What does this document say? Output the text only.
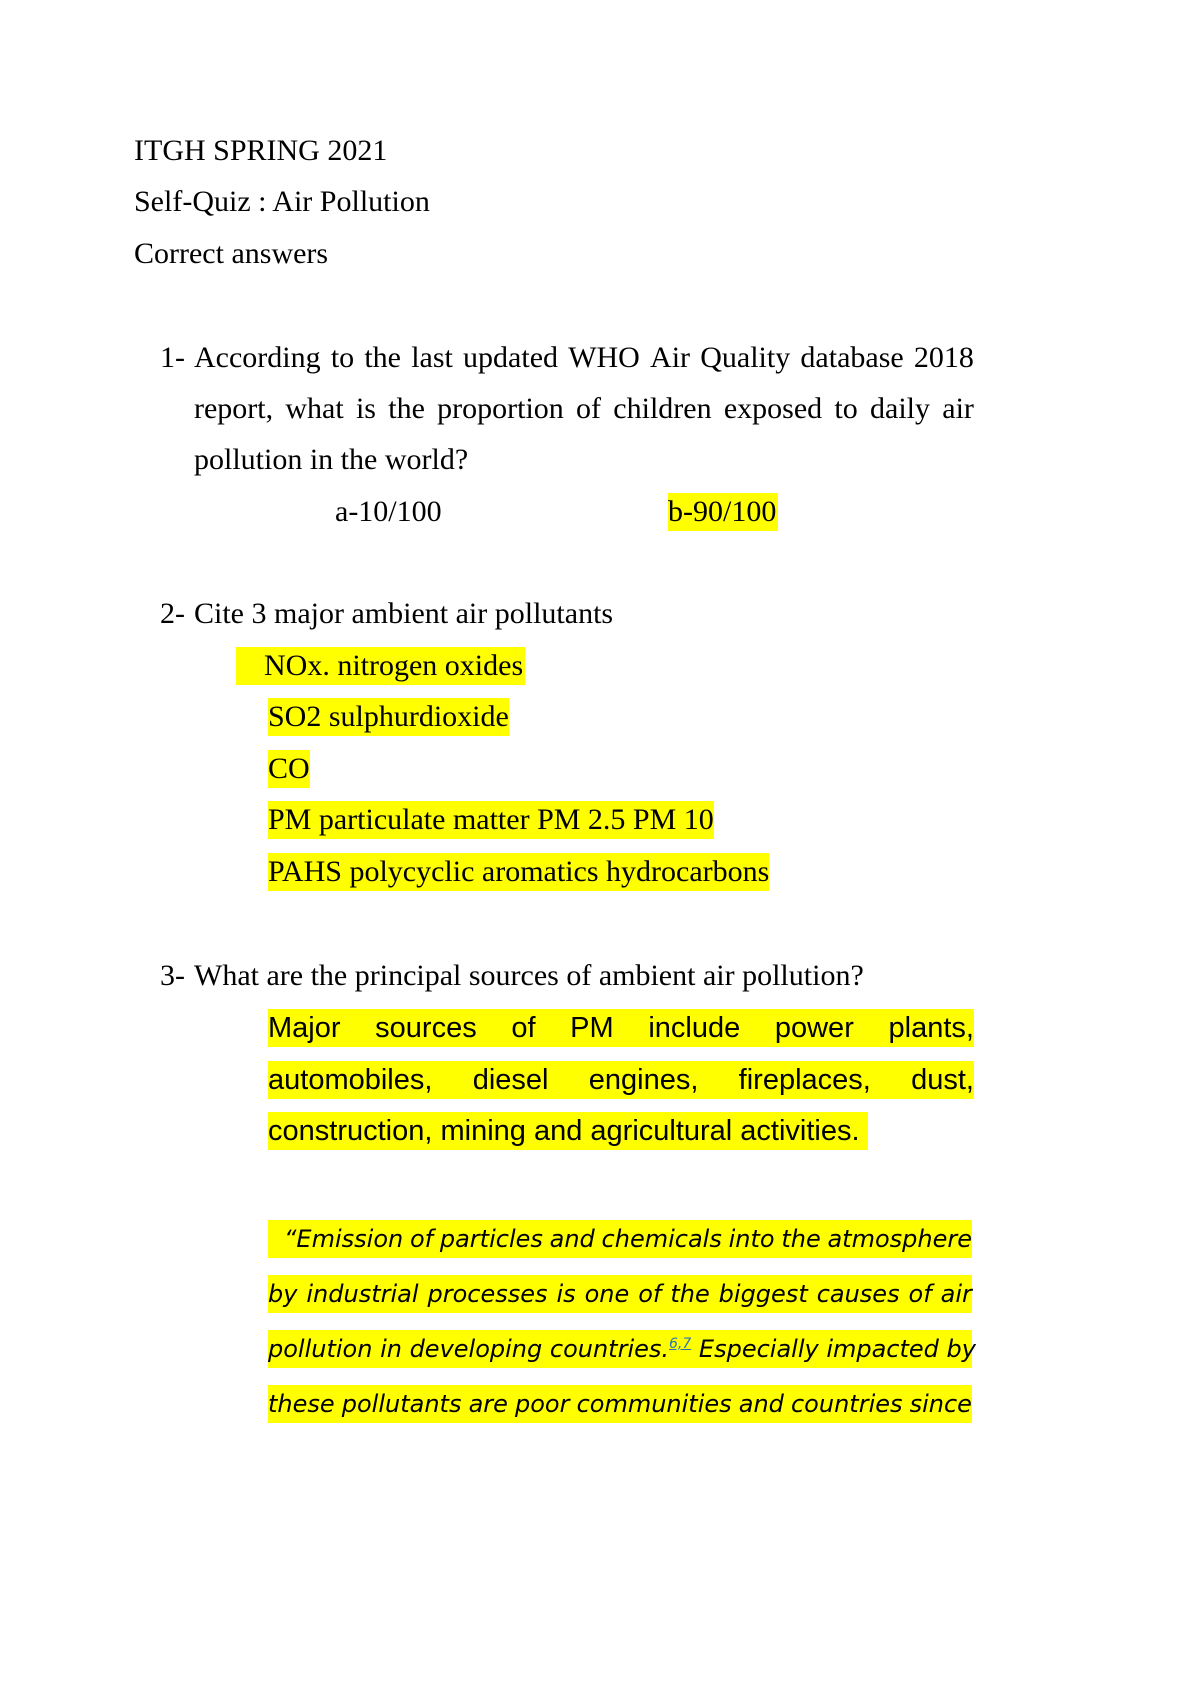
ITGH SPRING 2021
Self-Quiz : Air Pollution
Correct answers
1- According to the last updated WHO Air Quality database 2018
report, what is the proportion of children exposed to daily air
pollution in the world?
a-10/100	b-90/100
2- Cite 3 major ambient air pollutants
NOx. nitrogen oxides
SO2 sulphurdioxide
CO
PM particulate matter PM 2.5 PM 10
PAHS polycyclic aromatics hydrocarbons
3- What are the principal sources of ambient air pollution?
Major sources of PM include power plants,
automobiles, diesel engines, fireplaces, dust,
construction, mining and agricultural activities.
“Emission of particles and chemicals into the atmosphere
by industrial processes is one of the biggest causes of air
pollution in developing countries.$^{6,7}$ Especially impacted by
these pollutants are poor communities and countries since
